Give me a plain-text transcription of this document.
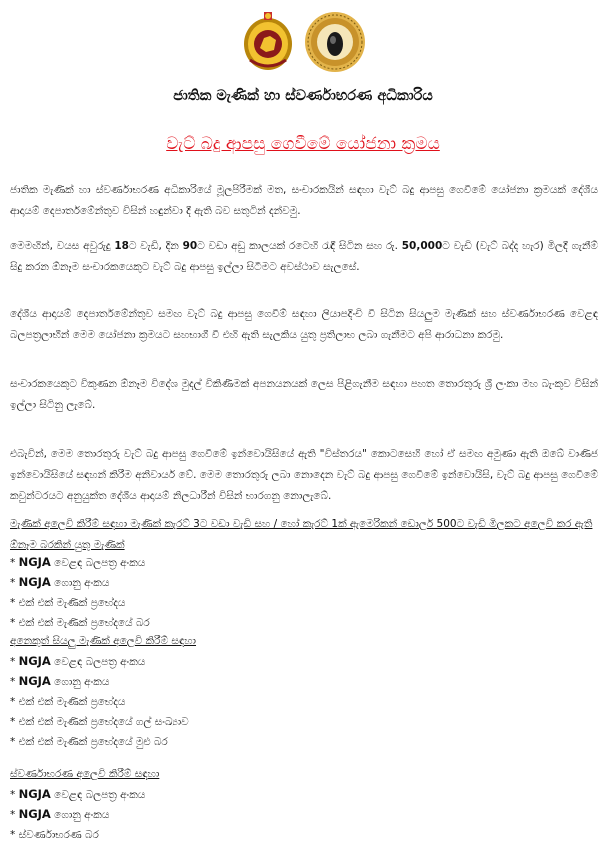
ජාතික මැණික් හා ස්වර්ණාභරණ අධිකාරිය
වැට් බදු ආපසු ගෙවීමේ යෝජනා ක්‍රමය

ජාතික මැණික් හා ස්වර්ණාභරණ අධිකාරියේ මූලපිරීමක් මත, සංචාරකයින් සඳහා වැට් බදු ආපසු ගෙවීමේ යෝජනා ක්‍රමයක් දේශීය ආදායම් දෙපාර්තමේන්තුව විසින් හඳුන්වා දී ඇති බව සතුටින් දන්වමු.

මෙමඟින්, වයස අවුරුදු 18ට වැඩි, දින 90ට වඩා අඩු කාලයක් රටෙහි රැඳී සිටින සහ රු. 50,000ට වැඩි (වැට් බද්ද හැර) මිලදී ගැනීම් සිදු කරන ඕනෑම සංචාරකයෙකුට වැට් බදු ආපසු ඉල්ලා සිටීමට අවස්ථාව සැලසේ.

දේශීය ආදායම් දෙපාර්තමේන්තුව සමඟ වැට් බදු ආපසු ගෙවීම් සඳහා ලියාපදිංචි වී සිටින සියලුම මැණික් සහ ස්වර්ණාභරණ වෙළඳ බලපත්‍රලාභීන් මෙම යෝජනා ක්‍රමයට සහභාගී වී එහි ඇති සැලකිය යුතු ප්‍රතිලාභ ලබා ගැනීමට අපි ආරාධනා කරමු.

සංචාරකයෙකුට විකුණන ඕනෑම විදේශ මුදල් විකිණීමක් අපනයනයක් ලෙස පිළිගැනීම සඳහා පහත තොරතුරු ශ්‍රී ලංකා මහ බැංකුව විසින් ඉල්ලා සිටිනු ලැබේ.

එබැවින්, මෙම තොරතුරු වැට් බදු ආපසු ගෙවීමේ ඉන්වොයිසියේ ඇති "විස්තරය" කොටසෙහි හෝ ඒ සමඟ අමුණා ඇති ඔබේ වාණිජ ඉන්වොයිසියේ සඳහන් කිරීම අනිවාර්ය වේ. මෙම තොරතුරු ලබා නොදෙන වැට් බදු ආපසු ගෙවීමේ ඉන්වොයිසි, වැට් බදු ආපසු ගෙවීමේ කවුන්ටරයට අනුයුක්ත දේශීය ආදායම් නිලධාරීන් විසින් භාරගනු නොලැබේ.

මැණික් අලෙවි කිරීම් සඳහා මැණික් කැරට් 3ට වඩා වැඩි සහ / හෝ කැරට් 1ක් ඇමෙරිකන් ඩොලර් 500ට වැඩි මිලකට අලෙවි කර ඇති ඕනෑම බරකින් යුතු මැණික්

* NGJA වෙළඳ බලපත්‍ර අංකය
* NGJA ගොනු අංකය
* එක් එක් මැණික් ප්‍රභේදය
* එක් එක් මැණික් ප්‍රභේදයේ බර

අනෙකුත් සියලු මැණික් අලෙවි කිරීම් සඳහා

* NGJA වෙළඳ බලපත්‍ර අංකය
* NGJA ගොනු අංකය
* එක් එක් මැණික් ප්‍රභේදය
* එක් එක් මැණික් ප්‍රභේදයේ ගල් සංඛ්‍යාව
* එක් එක් මැණික් ප්‍රභේදයේ මුළු බර

ස්වර්ණාභරණ අලෙවි කිරීම් සඳහා

* NGJA වෙළඳ බලපත්‍ර අංකය
* NGJA ගොනු අංකය
* ස්වර්ණාභරණ බර
